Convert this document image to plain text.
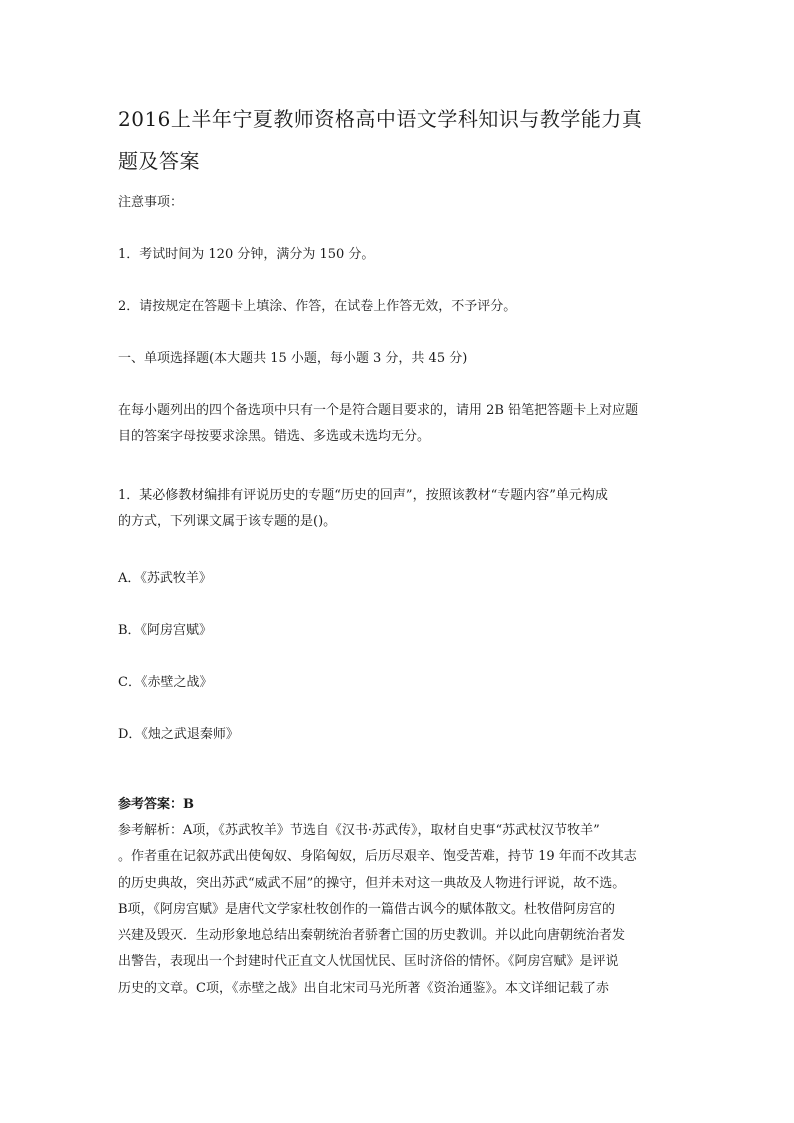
2016上半年宁夏教师资格高中语文学科知识与教学能力真
题及答案

注意事项：

1．考试时间为 120 分钟，满分为 150 分。

2．请按规定在答题卡上填涂、作答，在试卷上作答无效，不予评分。

一、单项选择题(本大题共 15 小题，每小题 3 分，共 45 分)

在每小题列出的四个备选项中只有一个是符合题目要求的，请用 2B 铅笔把答题卡上对应题
目的答案字母按要求涂黑。错选、多选或未选均无分。

1．某必修教材编排有评说历史的专题“历史的回声”，按照该教材“专题内容”单元构成
的方式，下列课文属于该专题的是()。

A．《苏武牧羊》

B．《阿房宫赋》

C．《赤壁之战》

D．《烛之武退秦师》

参考答案：B

参考解析：A项，《苏武牧羊》节选自《汉书·苏武传》，取材自史事“苏武杖汉节牧羊”
。作者重在记叙苏武出使匈奴、身陷匈奴，后历尽艰辛、饱受苦难，持节 19 年而不改其志
的历史典故，突出苏武“威武不屈”的操守，但并未对这一典故及人物进行评说，故不选。
B项，《阿房宫赋》是唐代文学家杜牧创作的一篇借古讽今的赋体散文。杜牧借阿房宫的
兴建及毁灭．生动形象地总结出秦朝统治者骄奢亡国的历史教训。并以此向唐朝统治者发
出警告，表现出一个封建时代正直文人忧国忧民、匡时济俗的情怀。《阿房宫赋》是评说
历史的文章。C项，《赤壁之战》出自北宋司马光所著《资治通鉴》。本文详细记载了赤
